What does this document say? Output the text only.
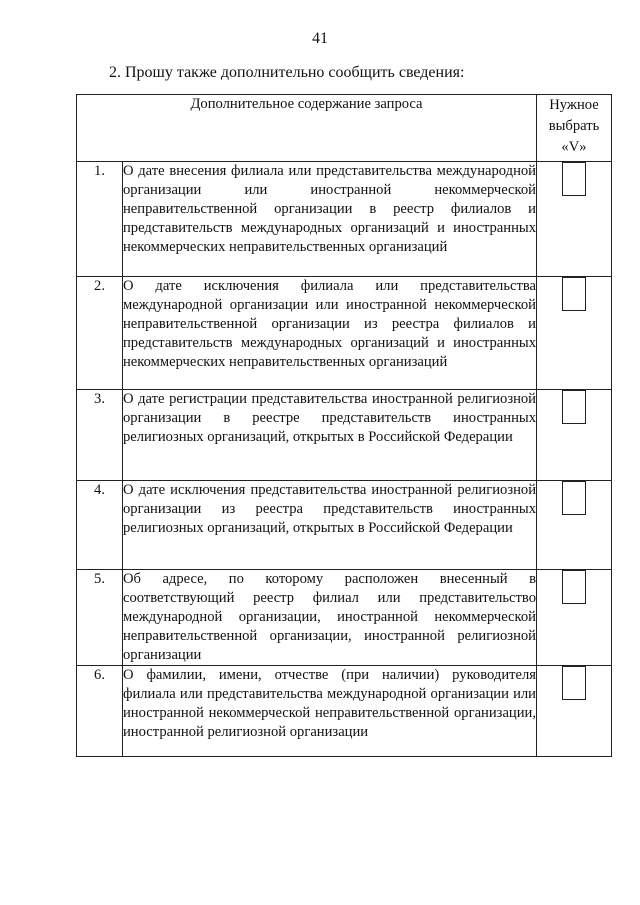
41
2. Прошу также дополнительно сообщить сведения:
Дополнительное содержание запроса		Нужное
выбрать
«V»
1.	О дате внесения филиала или представительства международной организации или иностранной некоммерческой неправительственной организации в реестр филиалов и представительств международных организаций и иностранных некоммерческих неправительственных организаций	
2.	О дате исключения филиала или представительства международной организации или иностранной некоммерческой неправительственной организации из реестра филиалов и представительств международных организаций и иностранных некоммерческих неправительственных организаций	
3.	О дате регистрации представительства иностранной религиозной организации в реестре представительств иностранных религиозных организаций, открытых в Российской Федерации	
4.	О дате исключения представительства иностранной религиозной организации из реестра представительств иностранных религиозных организаций, открытых в Российской Федерации	
5.	Об адресе, по которому расположен внесенный в соответствующий реестр филиал или представительство международной организации, иностранной некоммерческой неправительственной организации, иностранной религиозной организации	
6.	О фамилии, имени, отчестве (при наличии) руководителя филиала или представительства международной организации или иностранной некоммерческой неправительственной организации, иностранной религиозной организации	
